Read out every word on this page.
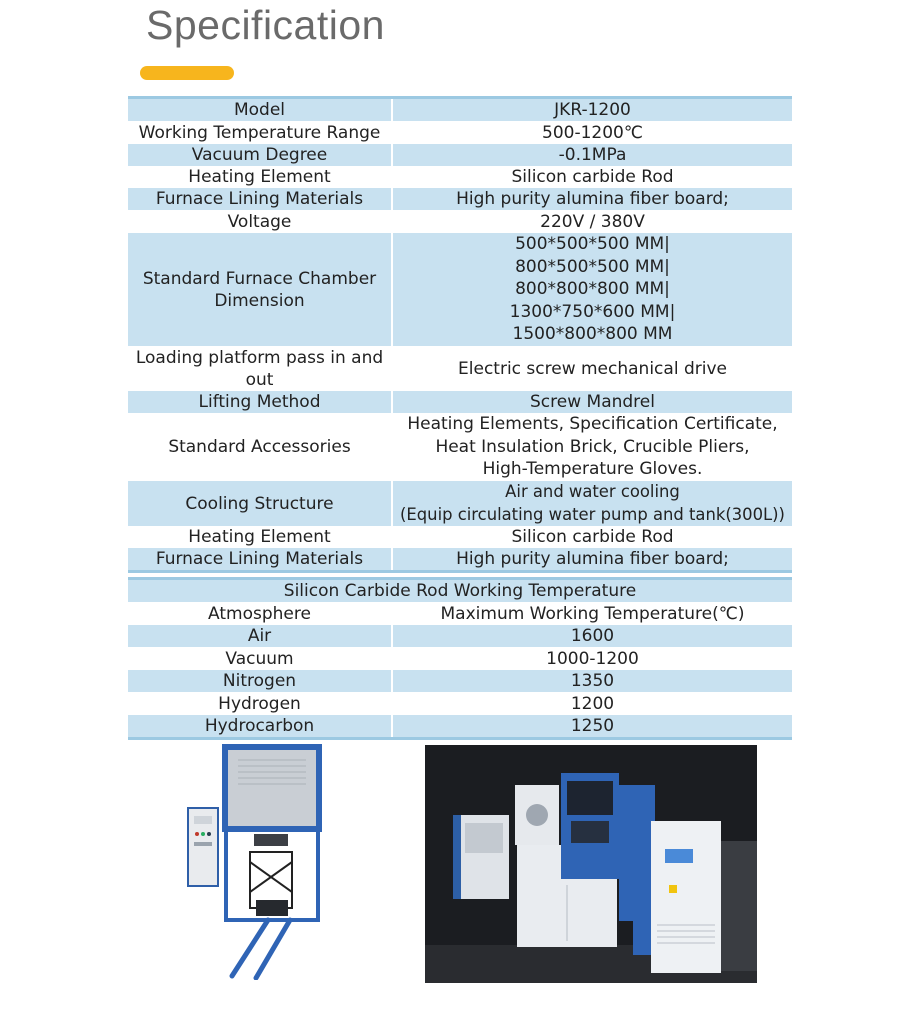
Specification
Model	JKR-1200
Working Temperature Range	500-1200℃
Vacuum Degree	-0.1MPa
Heating Element	Silicon carbide Rod
Furnace Lining Materials	High purity alumina fiber board;
Voltage	220V / 380V
Standard Furnace Chamber Dimension	500*500*500 MM|
800*500*500 MM|
800*800*800 MM|
1300*750*600 MM|
1500*800*800 MM

Loading platform pass in and out	Electric screw mechanical drive
Lifting Method	Screw Mandrel
Standard Accessories	Heating Elements, Specification Certificate,
Heat Insulation Brick, Crucible Pliers,
High-Temperature Gloves.

Cooling Structure	Air and water cooling
(Equip circulating water pump and tank(300L))

Heating Element	Silicon carbide Rod
Furnace Lining Materials	High purity alumina fiber board;
Silicon Carbide Rod Working Temperature	
Atmosphere	Maximum Working Temperature(℃)
Air	1600
Vacuum	1000-1200
Nitrogen	1350
Hydrogen	1200
Hydrocarbon	1250
